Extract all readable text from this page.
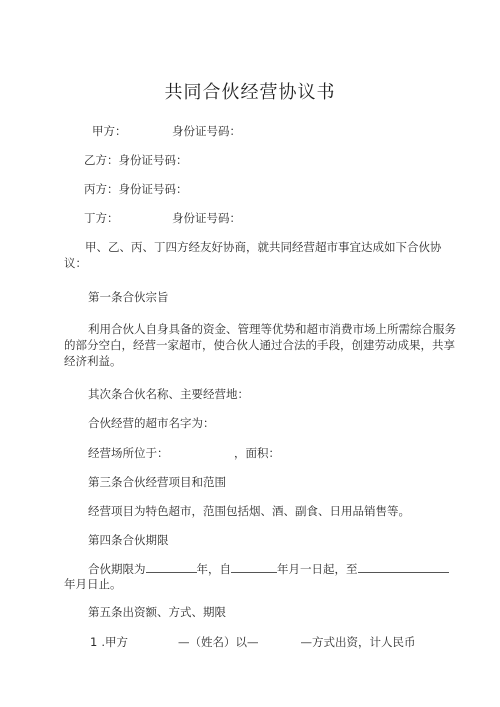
共同合伙经营协议书
甲方：	身份证号码：
乙方：身份证号码：
丙方：身份证号码：
丁方：	身份证号码：
甲、乙、丙、丁四方经友好协商，就共同经营超市事宜达成如下合伙协
议：
第一条合伙宗旨
利用合伙人自身具备的资金、管理等优势和超市消费市场上所需综合服务
的部分空白，经营一家超市，使合伙人通过合法的手段，创建劳动成果，共享
经济利益。
其次条合伙名称、主要经营地：
合伙经营的超市名字为：
经营场所位于：	，面积：
第三条合伙经营项目和范围
经营项目为特色超市，范围包括烟、酒、副食、日用品销售等。
第四条合伙期限
合伙期限为	年，自	年月一日起，至
年月日止。
第五条出资额、方式、期限
1 .甲方	—（姓名）以—	—方式出资，计人民币
